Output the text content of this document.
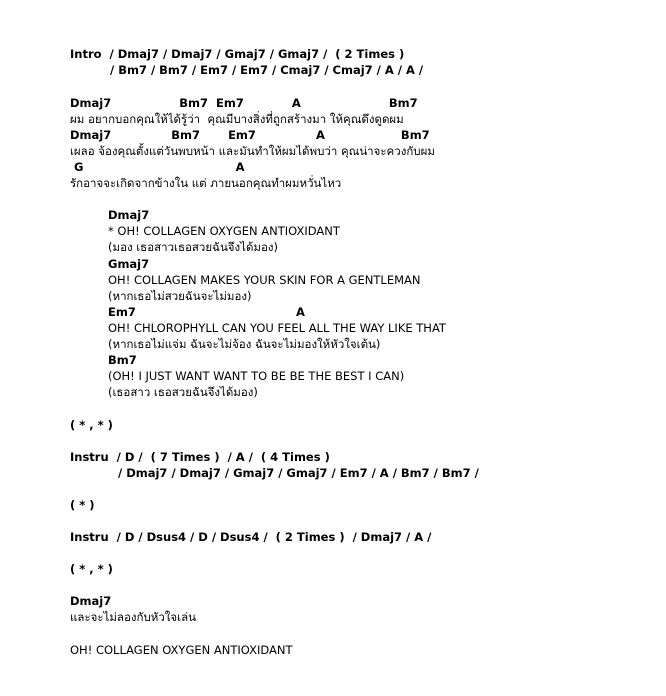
Intro  / Dmaj7 / Dmaj7 / Gmaj7 / Gmaj7 /  ( 2 Times )
/ Bm7 / Bm7 / Em7 / Em7 / Cmaj7 / Cmaj7 / A / A /
Dmaj7                 Bm7  Em7            A                      Bm7
ผม อยากบอกคุณให้ได้รู้ว่า  คุณมีบางสิ่งที่ถูกสร้างมา ให้คุณดึงดูดผม
Dmaj7               Bm7       Em7               A                   Bm7
เผลอ จ้องคุณตั้งแต่วันพบหน้า และมันทำให้ผมได้พบว่า คุณน่าจะควงกับผม
G                                      A
รักอาจจะเกิดจากข้างใน แต่ ภายนอกคุณทำผมหวั่นไหว
Dmaj7
* OH! COLLAGEN OXYGEN ANTIOXIDANT
(มอง เธอสาวเธอสวยฉันจึงได้มอง)
Gmaj7
OH! COLLAGEN MAKES YOUR SKIN FOR A GENTLEMAN
(หากเธอไม่สวยฉันจะไม่มอง)
Em7                                        A
OH! CHLOROPHYLL CAN YOU FEEL ALL THE WAY LIKE THAT
(หากเธอไม่แจ่ม ฉันจะไม่จ้อง ฉันจะไม่มองให้หัวใจเต้น)
Bm7
(OH! I JUST WANT WANT TO BE BE THE BEST I CAN)
(เธอสาว เธอสวยฉันจึงได้มอง)
( * , * )
Instru  / D /  ( 7 Times )  / A /  ( 4 Times )
/ Dmaj7 / Dmaj7 / Gmaj7 / Gmaj7 / Em7 / A / Bm7 / Bm7 /
( * )
Instru  / D / Dsus4 / D / Dsus4 /  ( 2 Times )  / Dmaj7 / A /
( * , * )
Dmaj7
และจะไม่ลองกับหัวใจเล่น
OH! COLLAGEN OXYGEN ANTIOXIDANT
